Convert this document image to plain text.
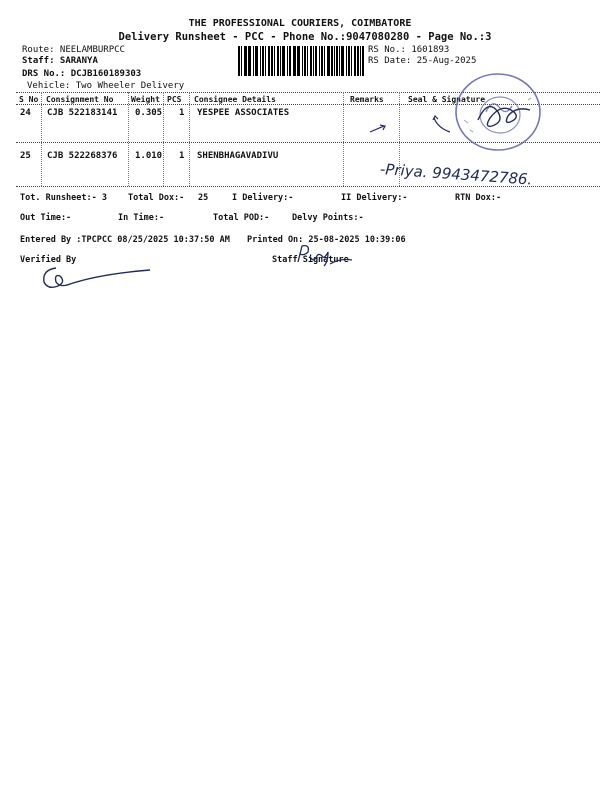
THE PROFESSIONAL COURIERS, COIMBATORE
Delivery Runsheet - PCC - Phone No.:9047080280 - Page No.:3
Route: NEELAMBURPCC
Staff: SARANYA
DRS No.: DCJB160189303
Vehicle: Two Wheeler Delivery
RS No.: 1601893
RS Date: 25-Aug-2025
S No Consignment No Weight PCS Consignee Details	Remarks	Seal & Signature
24 CJB 522183141 0.305 1 YESPEE ASSOCIATES
25 CJB 522268376 1.010 1 SHENBHAGAVADIVU
-Priya. 9943472786.
Tot. Runsheet:- 3 Total Dox:- 25	I Delivery:-	II Delivery:-	RTN Dox:-
Out Time:-	In Time:-	Total POD:-	Delvy Points:-
Entered By :TPCPCC 08/25/2025 10:37:50 AM Printed On: 25-08-2025 10:39:06
Verified By	Staff Signature
